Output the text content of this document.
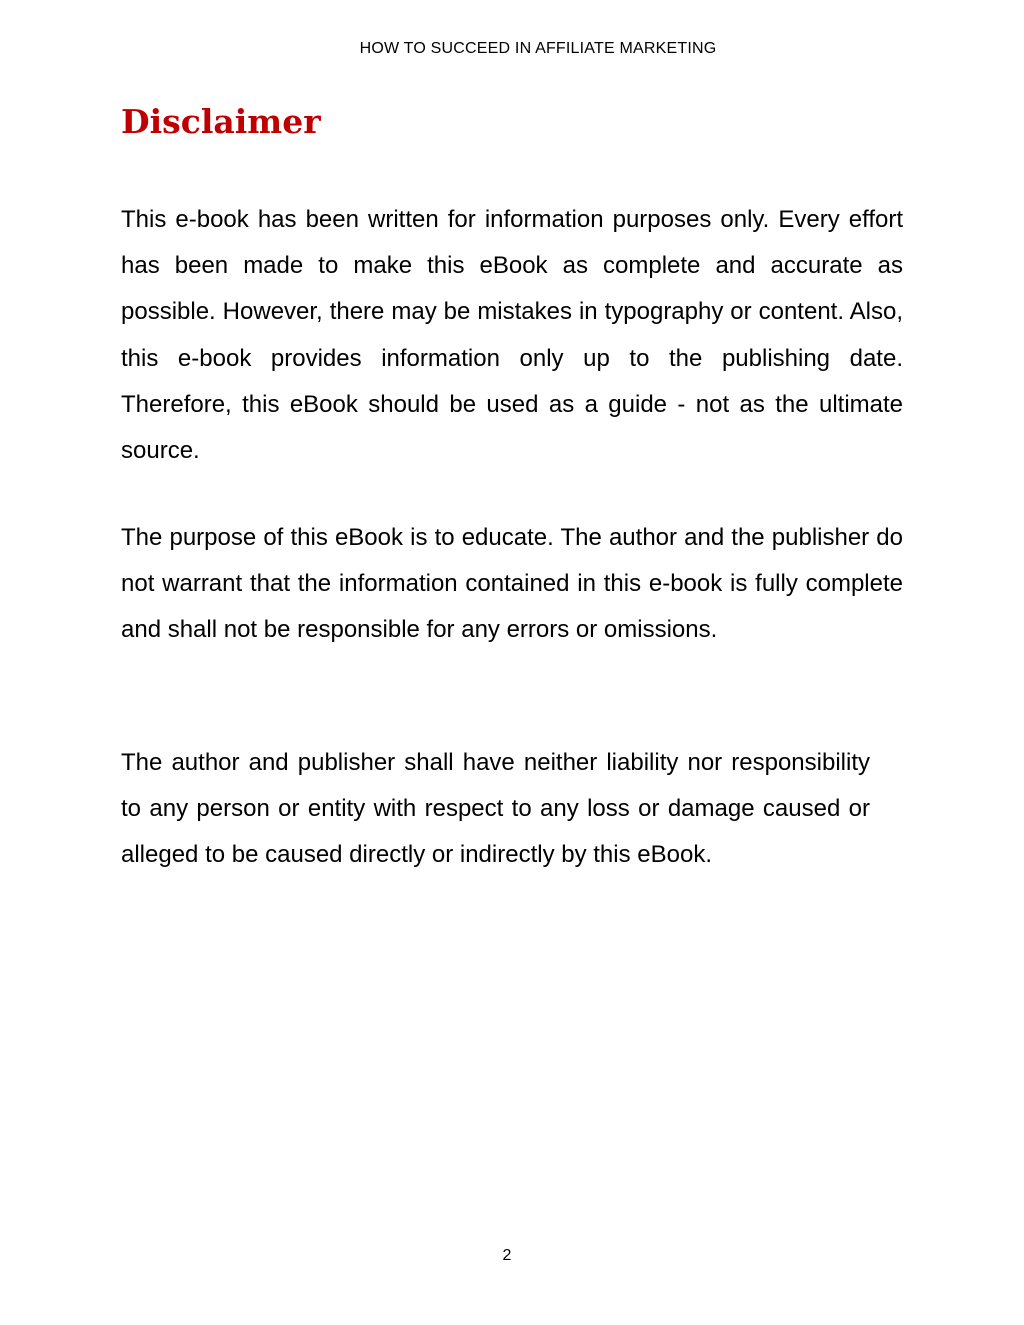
HOW TO SUCCEED IN AFFILIATE MARKETING
Disclaimer

This e-book has been written for information purposes only. Every effort has been made to make this eBook as complete and accurate as possible. However, there may be mistakes in typography or content. Also, this e-book provides information only up to the publishing date. Therefore, this eBook should be used as a guide - not as the ultimate source.

The purpose of this eBook is to educate. The author and the publisher do not warrant that the information contained in this e-book is fully complete and shall not be responsible for any errors or omissions.

The author and publisher shall have neither liability nor responsibility to any person or entity with respect to any loss or damage caused or alleged to be caused directly or indirectly by this eBook.

2
